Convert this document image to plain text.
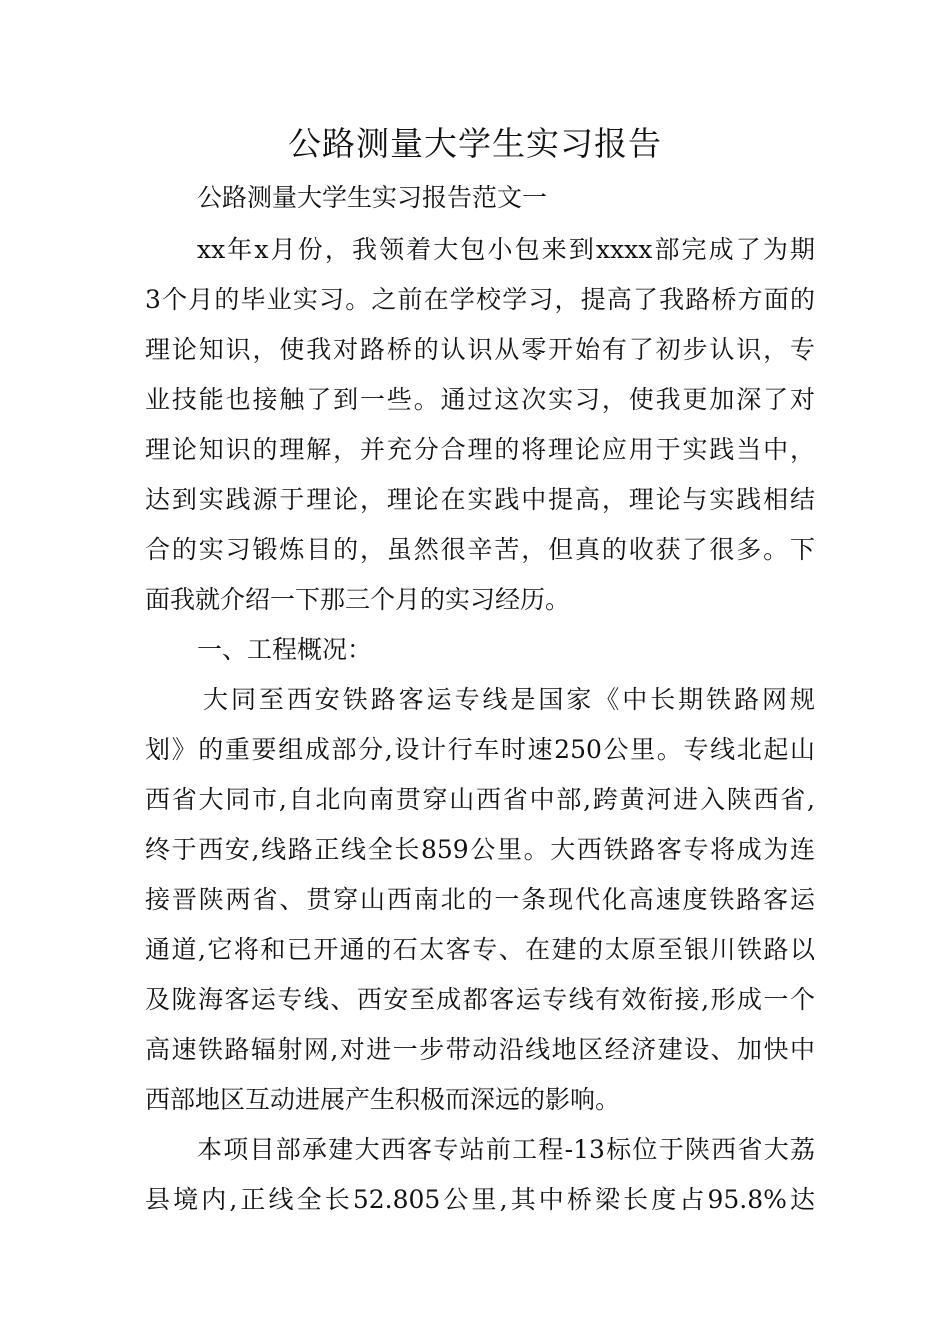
公路测量大学生实习报告
公路测量大学生实习报告范文一
xx年x月份，我领着大包小包来到xxxx部完成了为期
3个月的毕业实习。之前在学校学习，提高了我路桥方面的
理论知识，使我对路桥的认识从零开始有了初步认识，专
业技能也接触了到一些。通过这次实习，使我更加深了对
理论知识的理解，并充分合理的将理论应用于实践当中，
达到实践源于理论，理论在实践中提高，理论与实践相结
合的实习锻炼目的，虽然很辛苦，但真的收获了很多。下
面我就介绍一下那三个月的实习经历。
一、工程概况：
大同至西安铁路客运专线是国家《中长期铁路网规
划》的重要组成部分,设计行车时速250公里。专线北起山
西省大同市,自北向南贯穿山西省中部,跨黄河进入陕西省,
终于西安,线路正线全长859公里。大西铁路客专将成为连
接晋陕两省、贯穿山西南北的一条现代化高速度铁路客运
通道,它将和已开通的石太客专、在建的太原至银川铁路以
及陇海客运专线、西安至成都客运专线有效衔接,形成一个
高速铁路辐射网,对进一步带动沿线地区经济建设、加快中
西部地区互动进展产生积极而深远的影响。
本项目部承建大西客专站前工程-13标位于陕西省大荔
县境内,正线全长52.805公里,其中桥梁长度占95.8%达
